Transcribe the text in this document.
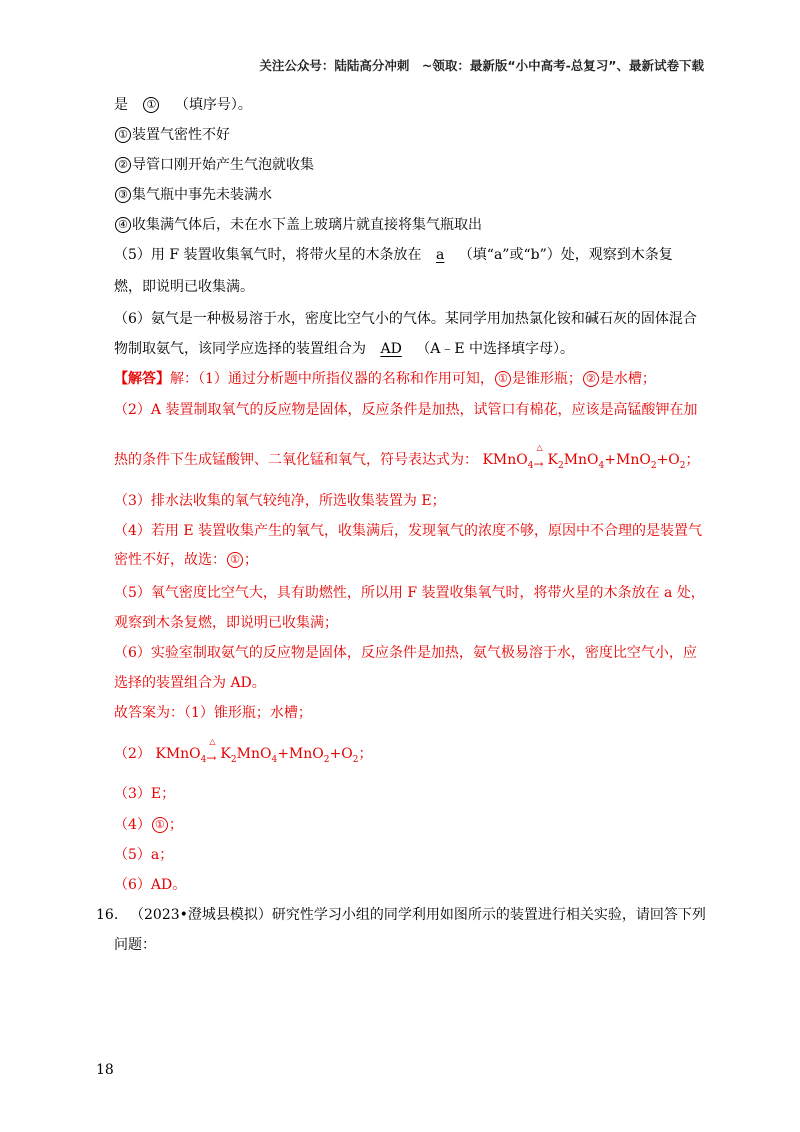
关注公众号：陆陆高分冲刺　~领取：最新版“小中高考-总复习”、最新试卷下载
是 ① （填序号）。
① 装置气密性不好
② 导管口刚开始产生气泡就收集
③ 集气瓶中事先未装满水
④ 收集满气体后，未在水下盖上玻璃片就直接将集气瓶取出
（5）用 F 装置收集氧气时，将带火星的木条放在 a （填“a”或“b”）处，观察到木条复
燃，即说明已收集满。
（6）氨气是一种极易溶于水，密度比空气小的气体。某同学用加热氯化铵和碱石灰的固体混合
物制取氨气，该同学应选择的装置组合为 AD （A﹣E 中选择填字母）。
【解答】解：（1）通过分析题中所指仪器的名称和作用可知， ① 是锥形瓶； ② 是水槽；
（2）A 装置制取氧气的反应物是固体，反应条件是加热，试管口有棉花，应该是高锰酸钾在加
热的条件下生成锰酸钾、二氧化锰和氧气，符号表达式为： KMnO$_4$
△
→ $K_2MnO_4+MnO_2+O_2$；
（3）排水法收集的氧气较纯净，所选收集装置为 E；
（4）若用 E 装置收集产生的氧气，收集满后，发现氧气的浓度不够，原因中不合理的是装置气
密性不好，故选： ① ；
（5）氧气密度比空气大，具有助燃性，所以用 F 装置收集氧气时，将带火星的木条放在 a 处，
观察到木条复燃，即说明已收集满；
（6）实验室制取氨气的反应物是固体，反应条件是加热，氨气极易溶于水，密度比空气小，应
选择的装置组合为 AD。
故答案为：（1）锥形瓶；水槽；
（2） KMnO$_4$
△
→ $K_2MnO_4+MnO_2+O_2$；
（3）E；
（4） ① ；
（5）a；
（6）AD。
16. （2023•澄城县模拟）研究性学习小组的同学利用如图所示的装置进行相关实验，请回答下列
问题：
18
